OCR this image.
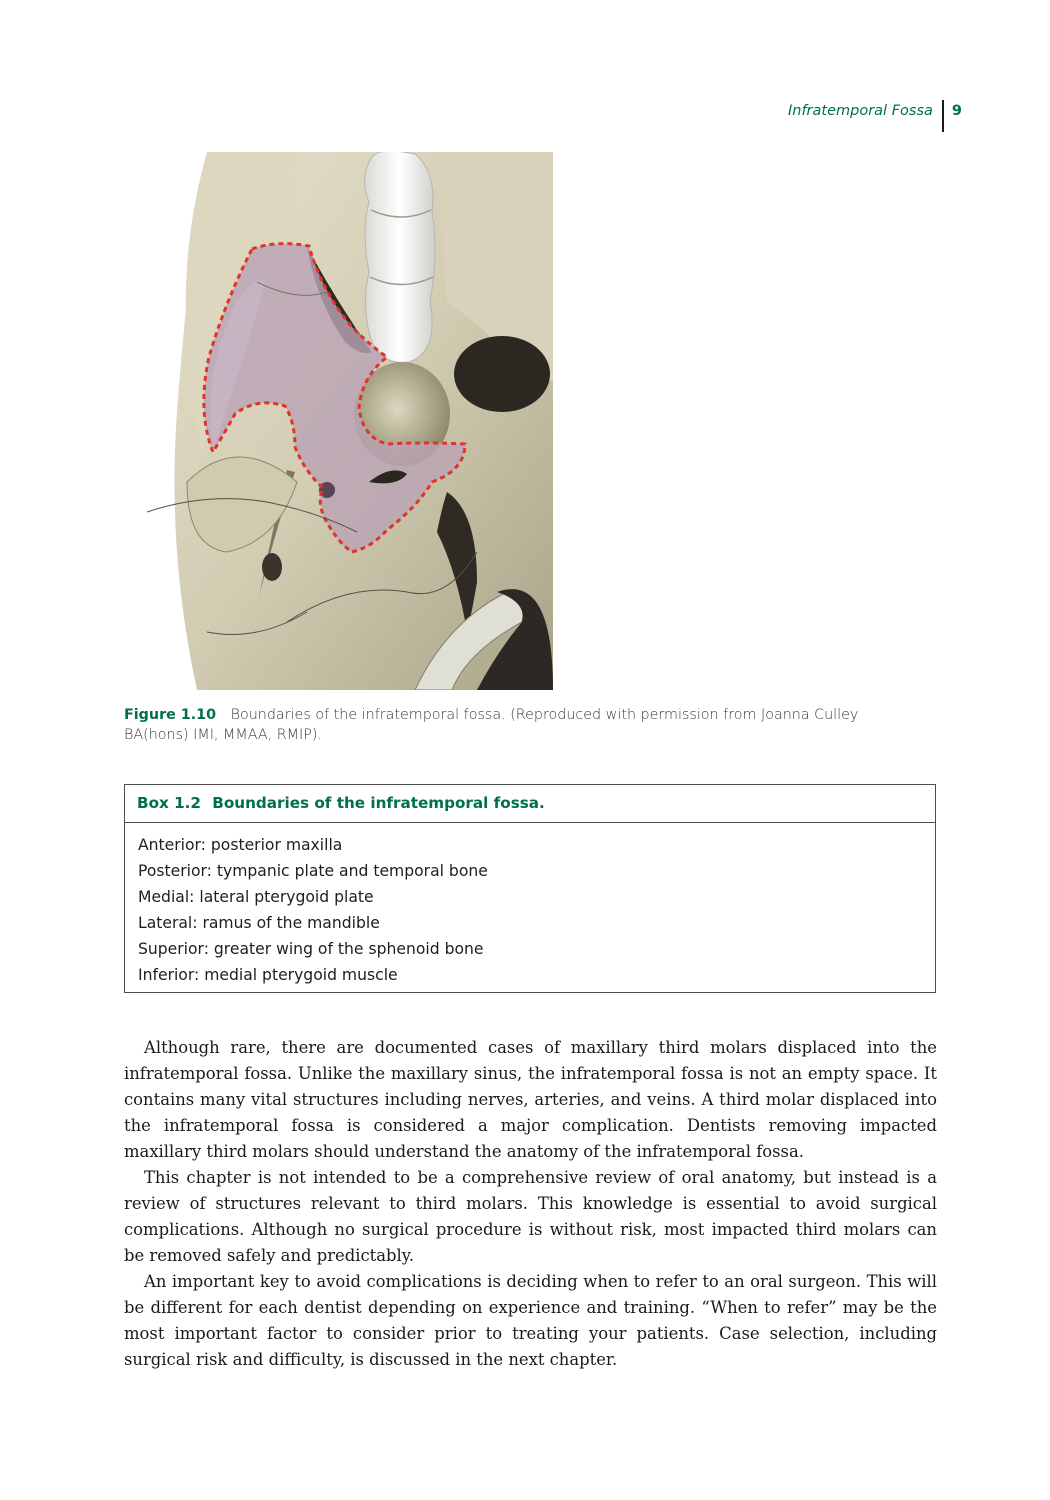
Infratemporal Fossa	9
Figure 1.10 Boundaries of the infratemporal fossa. (Reproduced with permission from Joanna Culley BA(hons) IMI, MMAA, RMIP).
Box 1.2 Boundaries of the infratemporal fossa.
Anterior: posterior maxilla
Posterior: tympanic plate and temporal bone
Medial: lateral pterygoid plate
Lateral: ramus of the mandible
Superior: greater wing of the sphenoid bone
Inferior: medial pterygoid muscle

Although rare, there are documented cases of maxillary third molars displaced into the infratemporal fossa. Unlike the maxillary sinus, the infratemporal fossa is not an empty space. It contains many vital structures including nerves, arteries, and veins. A third molar displaced into the infratemporal fossa is considered a major complication. Dentists removing impacted maxillary third molars should understand the anatomy of the infratemporal fossa.

This chapter is not intended to be a comprehensive review of oral anatomy, but instead is a review of structures relevant to third molars. This knowledge is essential to avoid surgical complications. Although no surgical procedure is without risk, most impacted third molars can be removed safely and predictably.

An important key to avoid complications is deciding when to refer to an oral surgeon. This will be different for each dentist depending on experience and training. “When to refer” may be the most important factor to consider prior to treating your patients. Case selection, including surgical risk and difficulty, is discussed in the next chapter.
